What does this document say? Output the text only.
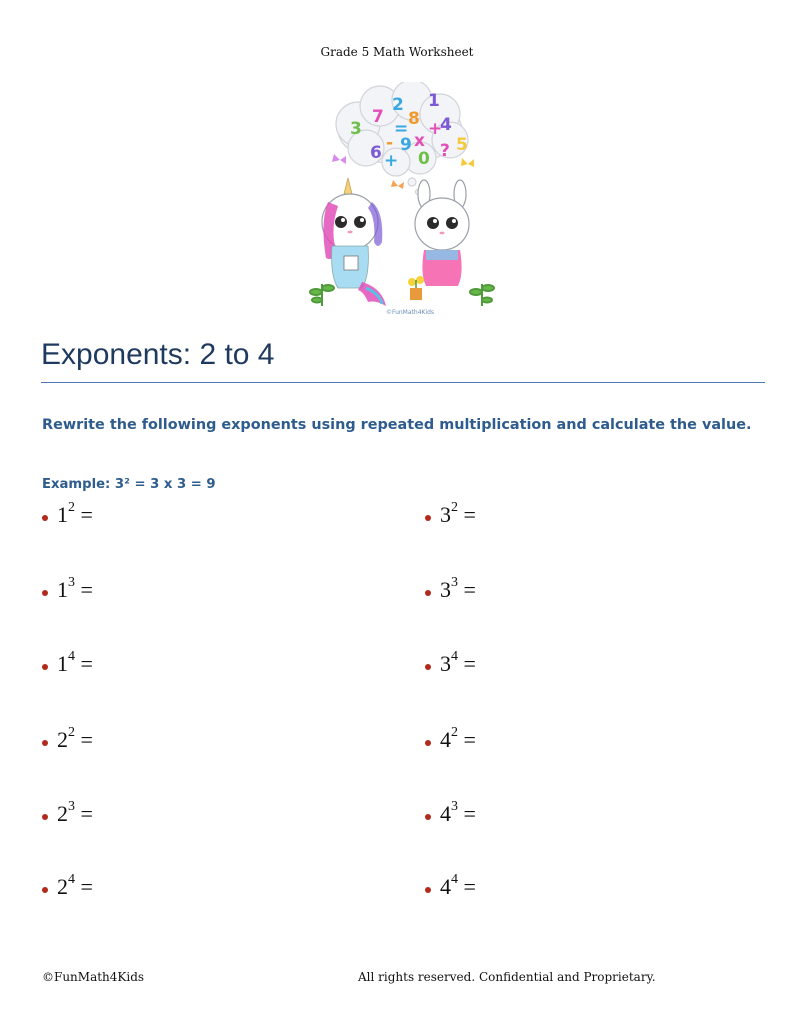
Grade 5 Math Worksheet
3
7
2
8
1
= +
4
6 - 9 x
0 ? 5
+
©FunMath4Kids
Exponents: 2 to 4
Rewrite the following exponents using repeated multiplication and calculate the value.
Example: 3² = 3 x 3 = 9
$1^2$ =
$1^3$ =
$1^4$ =
$2^2$ =
$2^3$ =
$2^4$ =
$3^2$ =
$3^3$ =
$3^4$ =
$4^2$ =
$4^3$ =
$4^4$ =
©FunMath4Kids	All rights reserved. Confidential and Proprietary.
